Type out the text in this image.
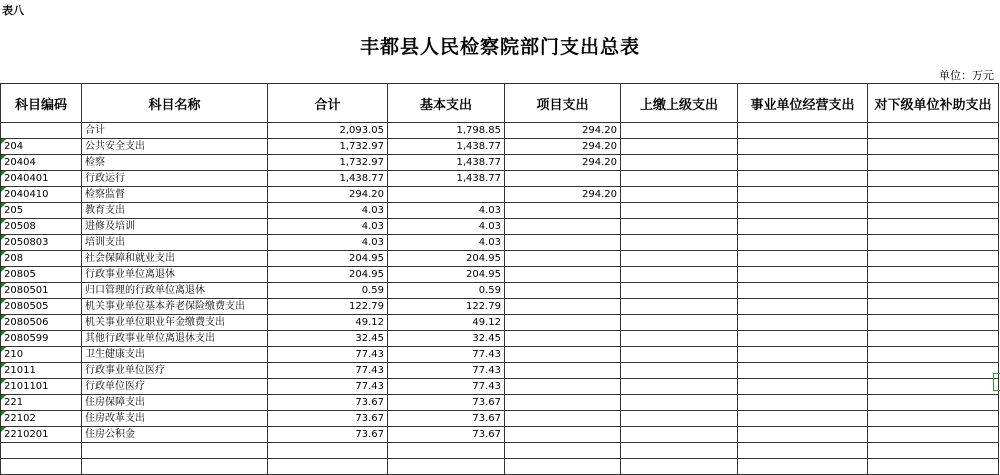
表八
丰都县人民检察院部门支出总表
单位：万元
科目编码	科目名称	合计	基本支出	项目支出	上缴上级支出	事业单位经营支出	对下级单位补助支出
	合计	2,093.05	1,798.85	294.20			
204	公共安全支出	1,732.97	1,438.77	294.20			
20404	检察	1,732.97	1,438.77	294.20			
2040401	行政运行	1,438.77	1,438.77				
2040410	检察监督	294.20		294.20			
205	教育支出	4.03	4.03				
20508	进修及培训	4.03	4.03				
2050803	培训支出	4.03	4.03				
208	社会保障和就业支出	204.95	204.95				
20805	行政事业单位离退休	204.95	204.95				
2080501	归口管理的行政单位离退休	0.59	0.59				
2080505	机关事业单位基本养老保险缴费支出	122.79	122.79				
2080506	机关事业单位职业年金缴费支出	49.12	49.12				
2080599	其他行政事业单位离退休支出	32.45	32.45				
210	卫生健康支出	77.43	77.43				
21011	行政事业单位医疗	77.43	77.43				
2101101	行政单位医疗	77.43	77.43				
221	住房保障支出	73.67	73.67				
22102	住房改革支出	73.67	73.67				
2210201	住房公积金	73.67	73.67				
